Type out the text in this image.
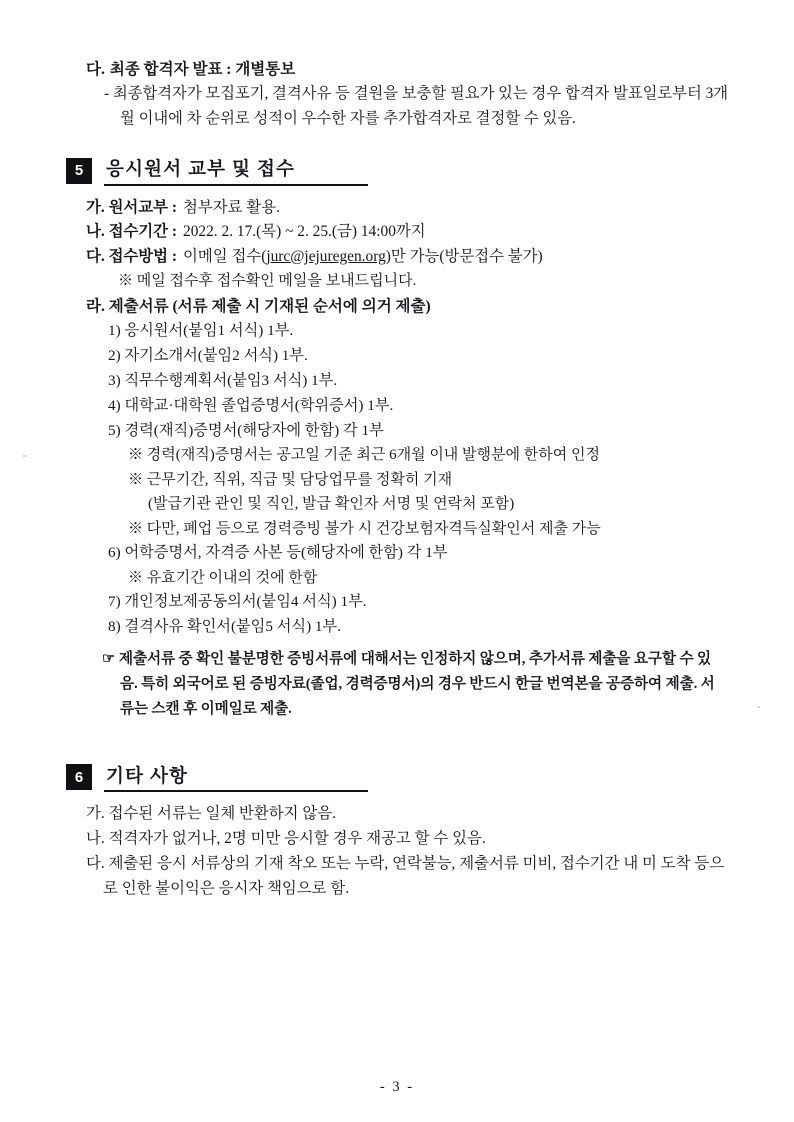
다. 최종 합격자 발표 : 개별통보
- 최종합격자가 모집포기, 결격사유 등 결원을 보충할 필요가 있는 경우 합격자 발표일로부터 3개월 이내에 차 순위로 성적이 우수한 자를 추가합격자로 결정할 수 있음.
5	응시원서 교부 및 접수
가. 원서교부 : 첨부자료 활용.
나. 접수기간 : 2022. 2. 17.(목) ~ 2. 25.(금) 14:00까지
다. 접수방법 : 이메일 접수(jurc@jejuregen.org)만 가능(방문접수 불가)
※ 메일 접수후 접수확인 메일을 보내드립니다.
라. 제출서류 (서류 제출 시 기재된 순서에 의거 제출)
1) 응시원서(붙임1 서식) 1부.
2) 자기소개서(붙임2 서식) 1부.
3) 직무수행계획서(붙임3 서식) 1부.
4) 대학교·대학원 졸업증명서(학위증서) 1부.
5) 경력(재직)증명서(해당자에 한함) 각 1부
※ 경력(재직)증명서는 공고일 기준 최근 6개월 이내 발행분에 한하여 인정
※ 근무기간, 직위, 직급 및 담당업무를 정확히 기재
(발급기관 관인 및 직인, 발급 확인자 서명 및 연락처 포함)
※ 다만, 폐업 등으로 경력증빙 불가 시 건강보험자격득실확인서 제출 가능
6) 어학증명서, 자격증 사본 등(해당자에 한함) 각 1부
※ 유효기간 이내의 것에 한함
7) 개인정보제공동의서(붙임4 서식) 1부.
8) 결격사유 확인서(붙임5 서식) 1부.
☞ 제출서류 중 확인 불분명한 증빙서류에 대해서는 인정하지 않으며, 추가서류 제출을 요구할 수 있음. 특히 외국어로 된 증빙자료(졸업, 경력증명서)의 경우 반드시 한글 번역본을 공증하여 제출. 서류는 스캔 후 이메일로 제출.
6	기타 사항
가. 접수된 서류는 일체 반환하지 않음.
나. 적격자가 없거나, 2명 미만 응시할 경우 재공고 할 수 있음.
다. 제출된 응시 서류상의 기재 착오 또는 누락, 연락불능, 제출서류 미비, 접수기간 내 미 도착 등으로 인한 불이익은 응시자 책임으로 함.
- 3 -
